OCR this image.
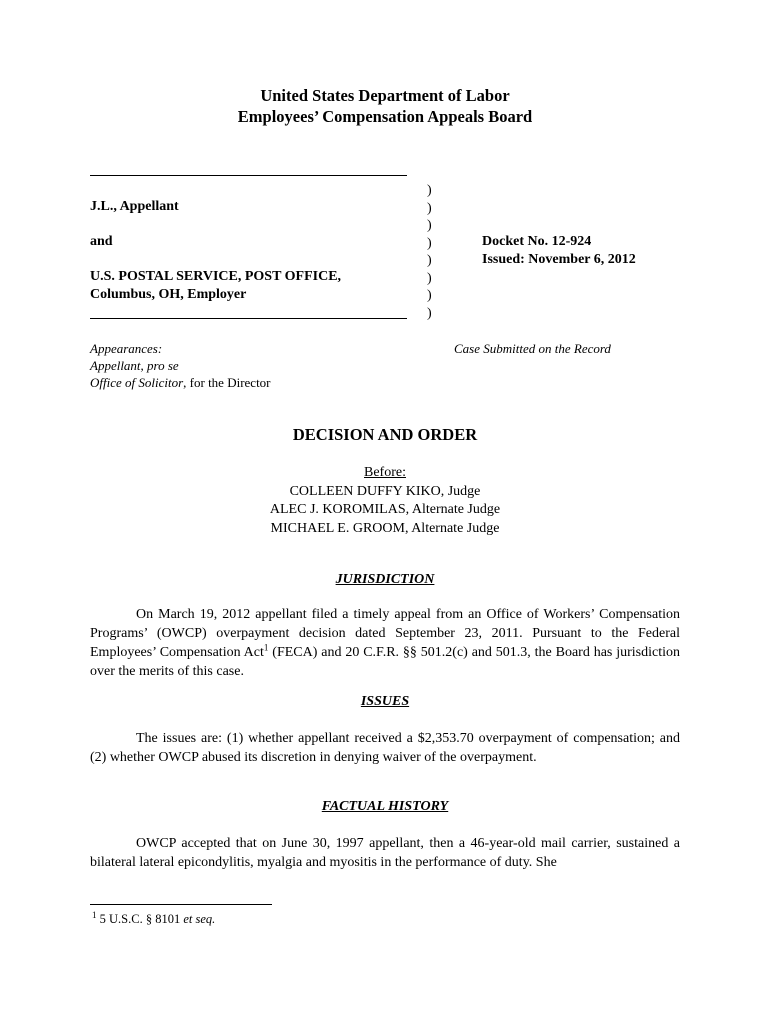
United States Department of Labor
Employees’ Compensation Appeals Board
J.L., Appellant
and
U.S. POSTAL SERVICE, POST OFFICE,
Columbus, OH, Employer
)
)
)
)
)
)
)
)
Docket No. 12-924
Issued: November 6, 2012
Appearances:
Appellant, pro se
Office of Solicitor, for the Director
Case Submitted on the Record
DECISION AND ORDER
Before:
COLLEEN DUFFY KIKO, Judge
ALEC J. KOROMILAS, Alternate Judge
MICHAEL E. GROOM, Alternate Judge
JURISDICTION
On March 19, 2012 appellant filed a timely appeal from an Office of Workers’ Compensation Programs’ (OWCP) overpayment decision dated September 23, 2011. Pursuant to the Federal Employees’ Compensation Act$^1$ (FECA) and 20 C.F.R. §§ 501.2(c) and 501.3, the Board has jurisdiction over the merits of this case.
ISSUES
The issues are: (1) whether appellant received a $2,353.70 overpayment of compensation; and (2) whether OWCP abused its discretion in denying waiver of the overpayment.
FACTUAL HISTORY
OWCP accepted that on June 30, 1997 appellant, then a 46-year-old mail carrier, sustained a bilateral lateral epicondylitis, myalgia and myositis in the performance of duty. She
$^1$ 5 U.S.C. § 8101 et seq.
